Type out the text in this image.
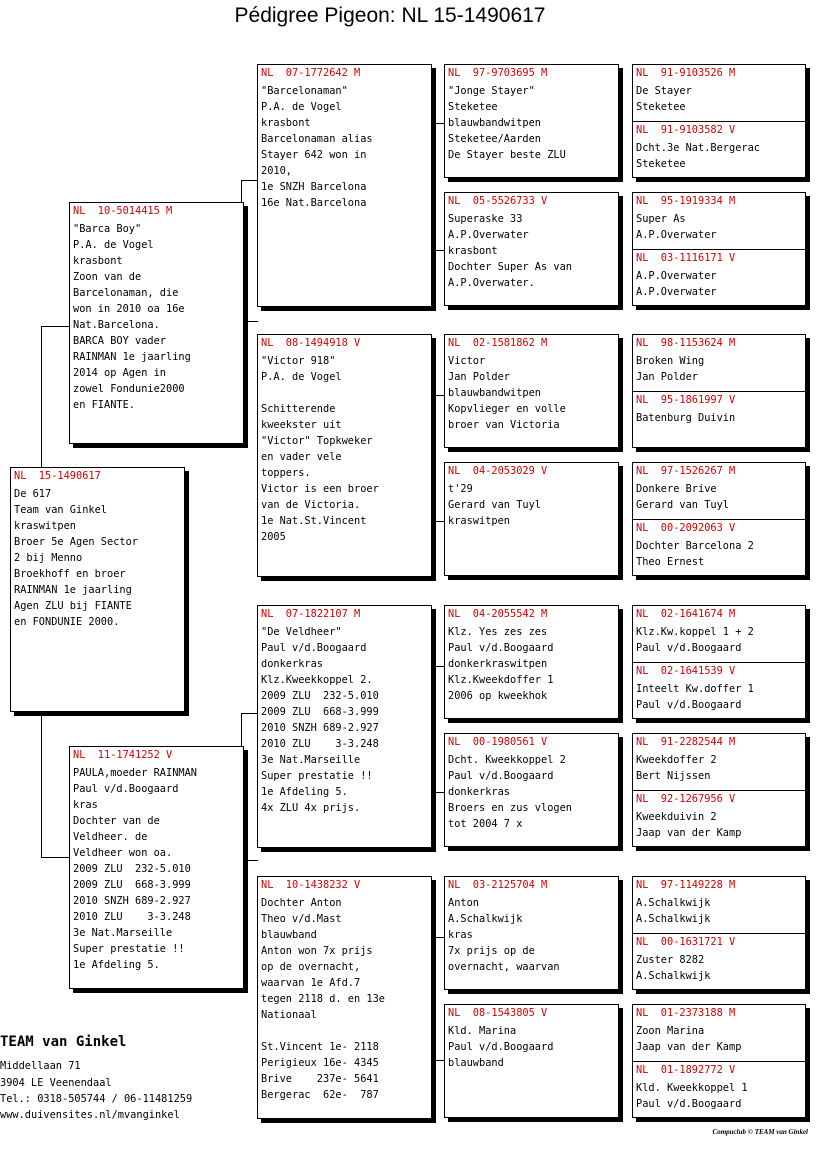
Pédigree Pigeon: NL 15-1490617
NL  15-1490617
De 617
Team van Ginkel
kraswitpen
Broer 5e Agen Sector
2 bij Menno
Broekhoff en broer
RAINMAN 1e jaarling
Agen ZLU bij FIANTE
en FONDUNIE 2000.
NL  10-5014415 M
"Barca Boy"
P.A. de Vogel
krasbont
Zoon van de
Barcelonaman, die
won in 2010 oa 16e
Nat.Barcelona.
BARCA BOY vader
RAINMAN 1e jaarling
2014 op Agen in
zowel Fondunie2000
en FIANTE.
NL  11-1741252 V
PAULA,moeder RAINMAN
Paul v/d.Boogaard
kras
Dochter van de
Veldheer. de
Veldheer won oa.
2009 ZLU  232-5.010
2009 ZLU  668-3.999
2010 SNZH 689-2.927
2010 ZLU    3-3.248
3e Nat.Marseille
Super prestatie !!
1e Afdeling 5.
NL  07-1772642 M
"Barcelonaman"
P.A. de Vogel
krasbont
Barcelonaman alias
Stayer 642 won in
2010,
1e SNZH Barcelona
16e Nat.Barcelona
NL  08-1494918 V
"Victor 918"
P.A. de Vogel

Schitterende
kweekster uit
"Victor" Topkweker
en vader vele
toppers.
Victor is een broer
van de Victoria.
1e Nat.St.Vincent
2005
NL  07-1822107 M
"De Veldheer"
Paul v/d.Boogaard
donkerkras
Klz.Kweekkoppel 2.
2009 ZLU  232-5.010
2009 ZLU  668-3.999
2010 SNZH 689-2.927
2010 ZLU    3-3.248
3e Nat.Marseille
Super prestatie !!
1e Afdeling 5.
4x ZLU 4x prijs.
NL  10-1438232 V
Dochter Anton
Theo v/d.Mast
blauwband
Anton won 7x prijs
op de overnacht,
waarvan 1e Afd.7
tegen 2118 d. en 13e
Nationaal

St.Vincent 1e- 2118
Perigieux 16e- 4345
Brive    237e- 5641
Bergerac  62e-  787
NL  97-9703695 M
"Jonge Stayer"
Steketee
blauwbandwitpen
Steketee/Aarden
De Stayer beste ZLU
NL  05-5526733 V
Superaske 33
A.P.Overwater
krasbont
Dochter Super As van
A.P.Overwater.
NL  02-1581862 M
Victor
Jan Polder
blauwbandwitpen
Kopvlieger en volle
broer van Victoria
NL  04-2053029 V
t'29
Gerard van Tuyl
kraswitpen
NL  04-2055542 M
Klz. Yes zes zes
Paul v/d.Boogaard
donkerkraswitpen
Klz.Kweekdoffer 1
2006 op kweekhok
NL  00-1980561 V
Dcht. Kweekkoppel 2
Paul v/d.Boogaard
donkerkras
Broers en zus vlogen
tot 2004 7 x
NL  03-2125704 M
Anton
A.Schalkwijk
kras
7x prijs op de
overnacht, waarvan
NL  08-1543805 V
Kld. Marina
Paul v/d.Boogaard
blauwband
NL  91-9103526 M
De Stayer
Steketee
NL  91-9103582 V
Dcht.3e Nat.Bergerac
Steketee
NL  95-1919334 M
Super As
A.P.Overwater
NL  03-1116171 V
A.P.Overwater
A.P.Overwater
NL  98-1153624 M
Broken Wing
Jan Polder
NL  95-1861997 V
Batenburg Duivin
NL  97-1526267 M
Donkere Brive
Gerard van Tuyl
NL  00-2092063 V
Dochter Barcelona 2
Theo Ernest
NL  02-1641674 M
Klz.Kw.koppel 1 + 2
Paul v/d.Boogaard
NL  02-1641539 V
Inteelt Kw.doffer 1
Paul v/d.Boogaard
NL  91-2282544 M
Kweekdoffer 2
Bert Nijssen
NL  92-1267956 V
Kweekduivin 2
Jaap van der Kamp
NL  97-1149228 M
A.Schalkwijk
A.Schalkwijk
NL  00-1631721 V
Zuster 8282
A.Schalkwijk
NL  01-2373188 M
Zoon Marina
Jaap van der Kamp
NL  01-1892772 V
Kld. Kweekkoppel 1
Paul v/d.Boogaard
TEAM van Ginkel
Middellaan 71
3904 LE Veenendaal
Tel.: 0318-505744 / 06-11481259
www.duivensites.nl/mvanginkel
Compuclub © TEAM van Ginkel
